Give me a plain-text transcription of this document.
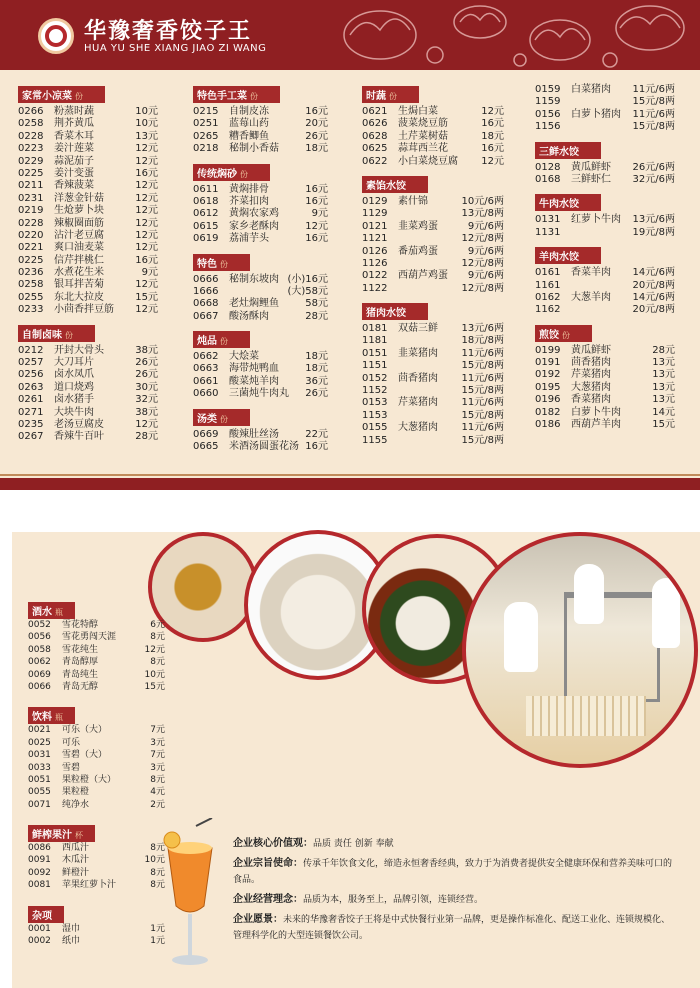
华豫奢香饺子王
HUA YU SHE XIANG JIAO ZI WANG
家常小凉菜 份
0266	粉蒸时蔬	10元
0258	荆芥黄瓜	10元
0228	香菜木耳	13元
0223	姜汁莲菜	12元
0229	蒜泥茄子	12元
0225	姜汁变蛋	16元
0211	香辣菠菜	12元
0231	洋葱金针菇	12元
0219	生炝萝卜块	12元
0228	辣椒圈面筋	12元
0220	沾汁老豆腐	12元
0221	爽口油麦菜	12元
0225	信芹拌桃仁	16元
0236	水煮花生米	9元
0258	银耳拌苦菊	12元
0255	东北大拉皮	15元
0233	小茴香拌豆筋	12元
自制卤味 份
0212	开封大骨头	38元
0257	大刀耳片	26元
0256	卤水凤爪	26元
0263	道口烧鸡	30元
0261	卤水猪手	32元
0271	大块牛肉	38元
0235	老汤豆腐皮	12元
0267	香辣牛百叶	28元
特色手工菜 份
0215	自制皮冻	16元
0251	蓝莓山药	20元
0265	糟香鲫鱼	26元
0218	秘制小香菇	18元
传统焖砂 份
0611	黄焖排骨	16元
0618	芥菜扣肉	16元
0612	黄焖农家鸡	9元
0615	家乡老酥肉	12元
0619	荔浦芋头	16元
特色 份
0666	秘制东坡肉 (小)16元
1666	(大)58元
0668	老灶焖鲤鱼	58元
0667	酸汤酥肉	28元
炖品 份
0662	大烩菜	18元
0663	海带炖鸭血	18元
0661	酸菜炖羊肉	36元
0660	三菌炖牛肉丸	26元
汤类 份
0669	酸辣肚丝汤	22元
0665	米酒汤圆蛋花汤 16元
时蔬 份
0621	生焗白菜	12元
0626	菠菜烧豆筋	16元
0628	土芹菜树菇	18元
0625	蒜茸西兰花	16元
0622	小白菜烧豆腐	12元
素馅水饺
0129	素什锦	10元/6两
1129	13元/8两
0121	韭菜鸡蛋	9元/6两
1121	12元/8两
0126	番茄鸡蛋	9元/6两
1126	12元/8两
0122	西葫芦鸡蛋	9元/6两
1122	12元/8两
猪肉水饺
0181	双菇三鲜	13元/6两
1181	18元/8两
0151	韭菜猪肉	11元/6两
1151	15元/8两
0152	茴香猪肉	11元/6两
1152	15元/8两
0153	芹菜猪肉	11元/6两
1153	15元/8两
0155	大葱猪肉	11元/6两
1155	15元/8两
0159	白菜猪肉	11元/6两
1159	15元/8两
0156	白萝卜猪肉	11元/6两
1156	15元/8两
三鲜水饺
0128	黄瓜鲜虾	26元/6两
0168	三鲜虾仁	32元/6两
牛肉水饺
0131	红萝卜牛肉	13元/6两
1131	19元/8两
羊肉水饺
0161	香菜羊肉	14元/6两
1161	20元/8两
0162	大葱羊肉	14元/6两
1162	20元/8两
煎饺 份
0199	黄瓜鲜虾	28元
0191	茴香猪肉	13元
0192	芹菜猪肉	13元
0195	大葱猪肉	13元
0196	香菜猪肉	13元
0182	白萝卜牛肉	14元
0186	西葫芦羊肉	15元
酒水 瓶
0052	雪花特醇	6元
0056	雪花勇闯天涯	8元
0058	雪花纯生	12元
0062	青岛醇厚	8元
0069	青岛纯生	10元
0066	青岛无醇	15元
饮料 瓶
0021	可乐（大）	7元
0025	可乐	3元
0031	雪碧（大）	7元
0033	雪碧	3元
0051	果粒橙（大）	8元
0055	果粒橙	4元
0071	纯净水	2元
鲜榨果汁 杯
0086	西瓜汁	8元
0091	木瓜汁	10元
0092	鲜橙汁	8元
0081	苹果红萝卜汁	8元
杂项
0001	湿巾	1元
0002	纸巾	1元
企业核心价值观：品质 责任 创新 奉献
企业宗旨使命：传承千年饮食文化，缔造永恒奢香经典，致力于为消费者提供安全健康环保和营养美味可口的食品。
企业经营理念：品质为本，服务至上，品牌引领，连锁经营。
企业愿景：未来的华豫奢香饺子王将是中式快餐行业第一品牌，更是操作标准化、配送工业化、连锁规模化、管理科学化的大型连锁餐饮公司。
